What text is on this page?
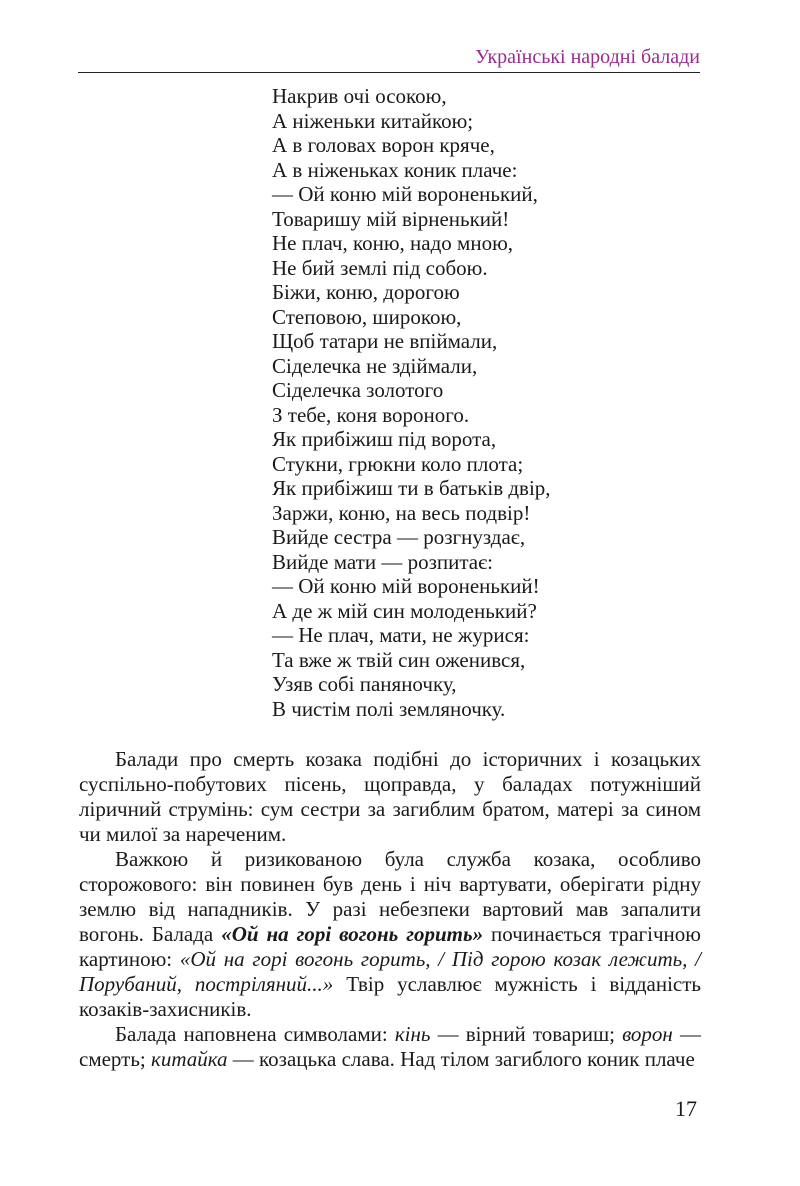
Українські народні балади
Накрив очі осокою,
А ніженьки китайкою;
А в головах ворон кряче,
А в ніженьках коник плаче:
— Ой коню мій вороненький,
Товаришу мій вірненький!
Не плач, коню, надо мною,
Не бий землі під собою.
Біжи, коню, дорогою
Степовою, широкою,
Щоб татари не впіймали,
Сіделечка не здіймали,
Сіделечка золотого
З тебе, коня вороного.
Як прибіжиш під ворота,
Стукни, грюкни коло плота;
Як прибіжиш ти в батьків двір,
Заржи, коню, на весь подвір!
Вийде сестра — розгнуздає,
Вийде мати — розпитає:
— Ой коню мій вороненький!
А де ж мій син молоденький?
— Не плач, мати, не журися:
Та вже ж твій син оженився,
Узяв собі паняночку,
В чистім полі земляночку.

Балади про смерть козака подібні до історичних і козацьких суспільно-побутових пісень, щоправда, у баладах потужніший ліричний струмінь: сум сестри за загиблим братом, матері за сином чи милої за нареченим.

Важкою й ризикованою була служба козака, особливо сторожового: він повинен був день і ніч вартувати, оберігати рідну землю від нападників. У разі небезпеки вартовий мав запалити вогонь. Балада «Ой на горі вогонь горить» починається трагічною картиною: «Ой на горі вогонь горить, / Під горою козак лежить, / Порубаний, постріляний...» Твір уславлює мужність і відданість козаків-захисників.

Балада наповнена символами: кінь — вірний товариш; ворон — смерть; китайка — козацька слава. Над тілом загиблого коник плаче

17
